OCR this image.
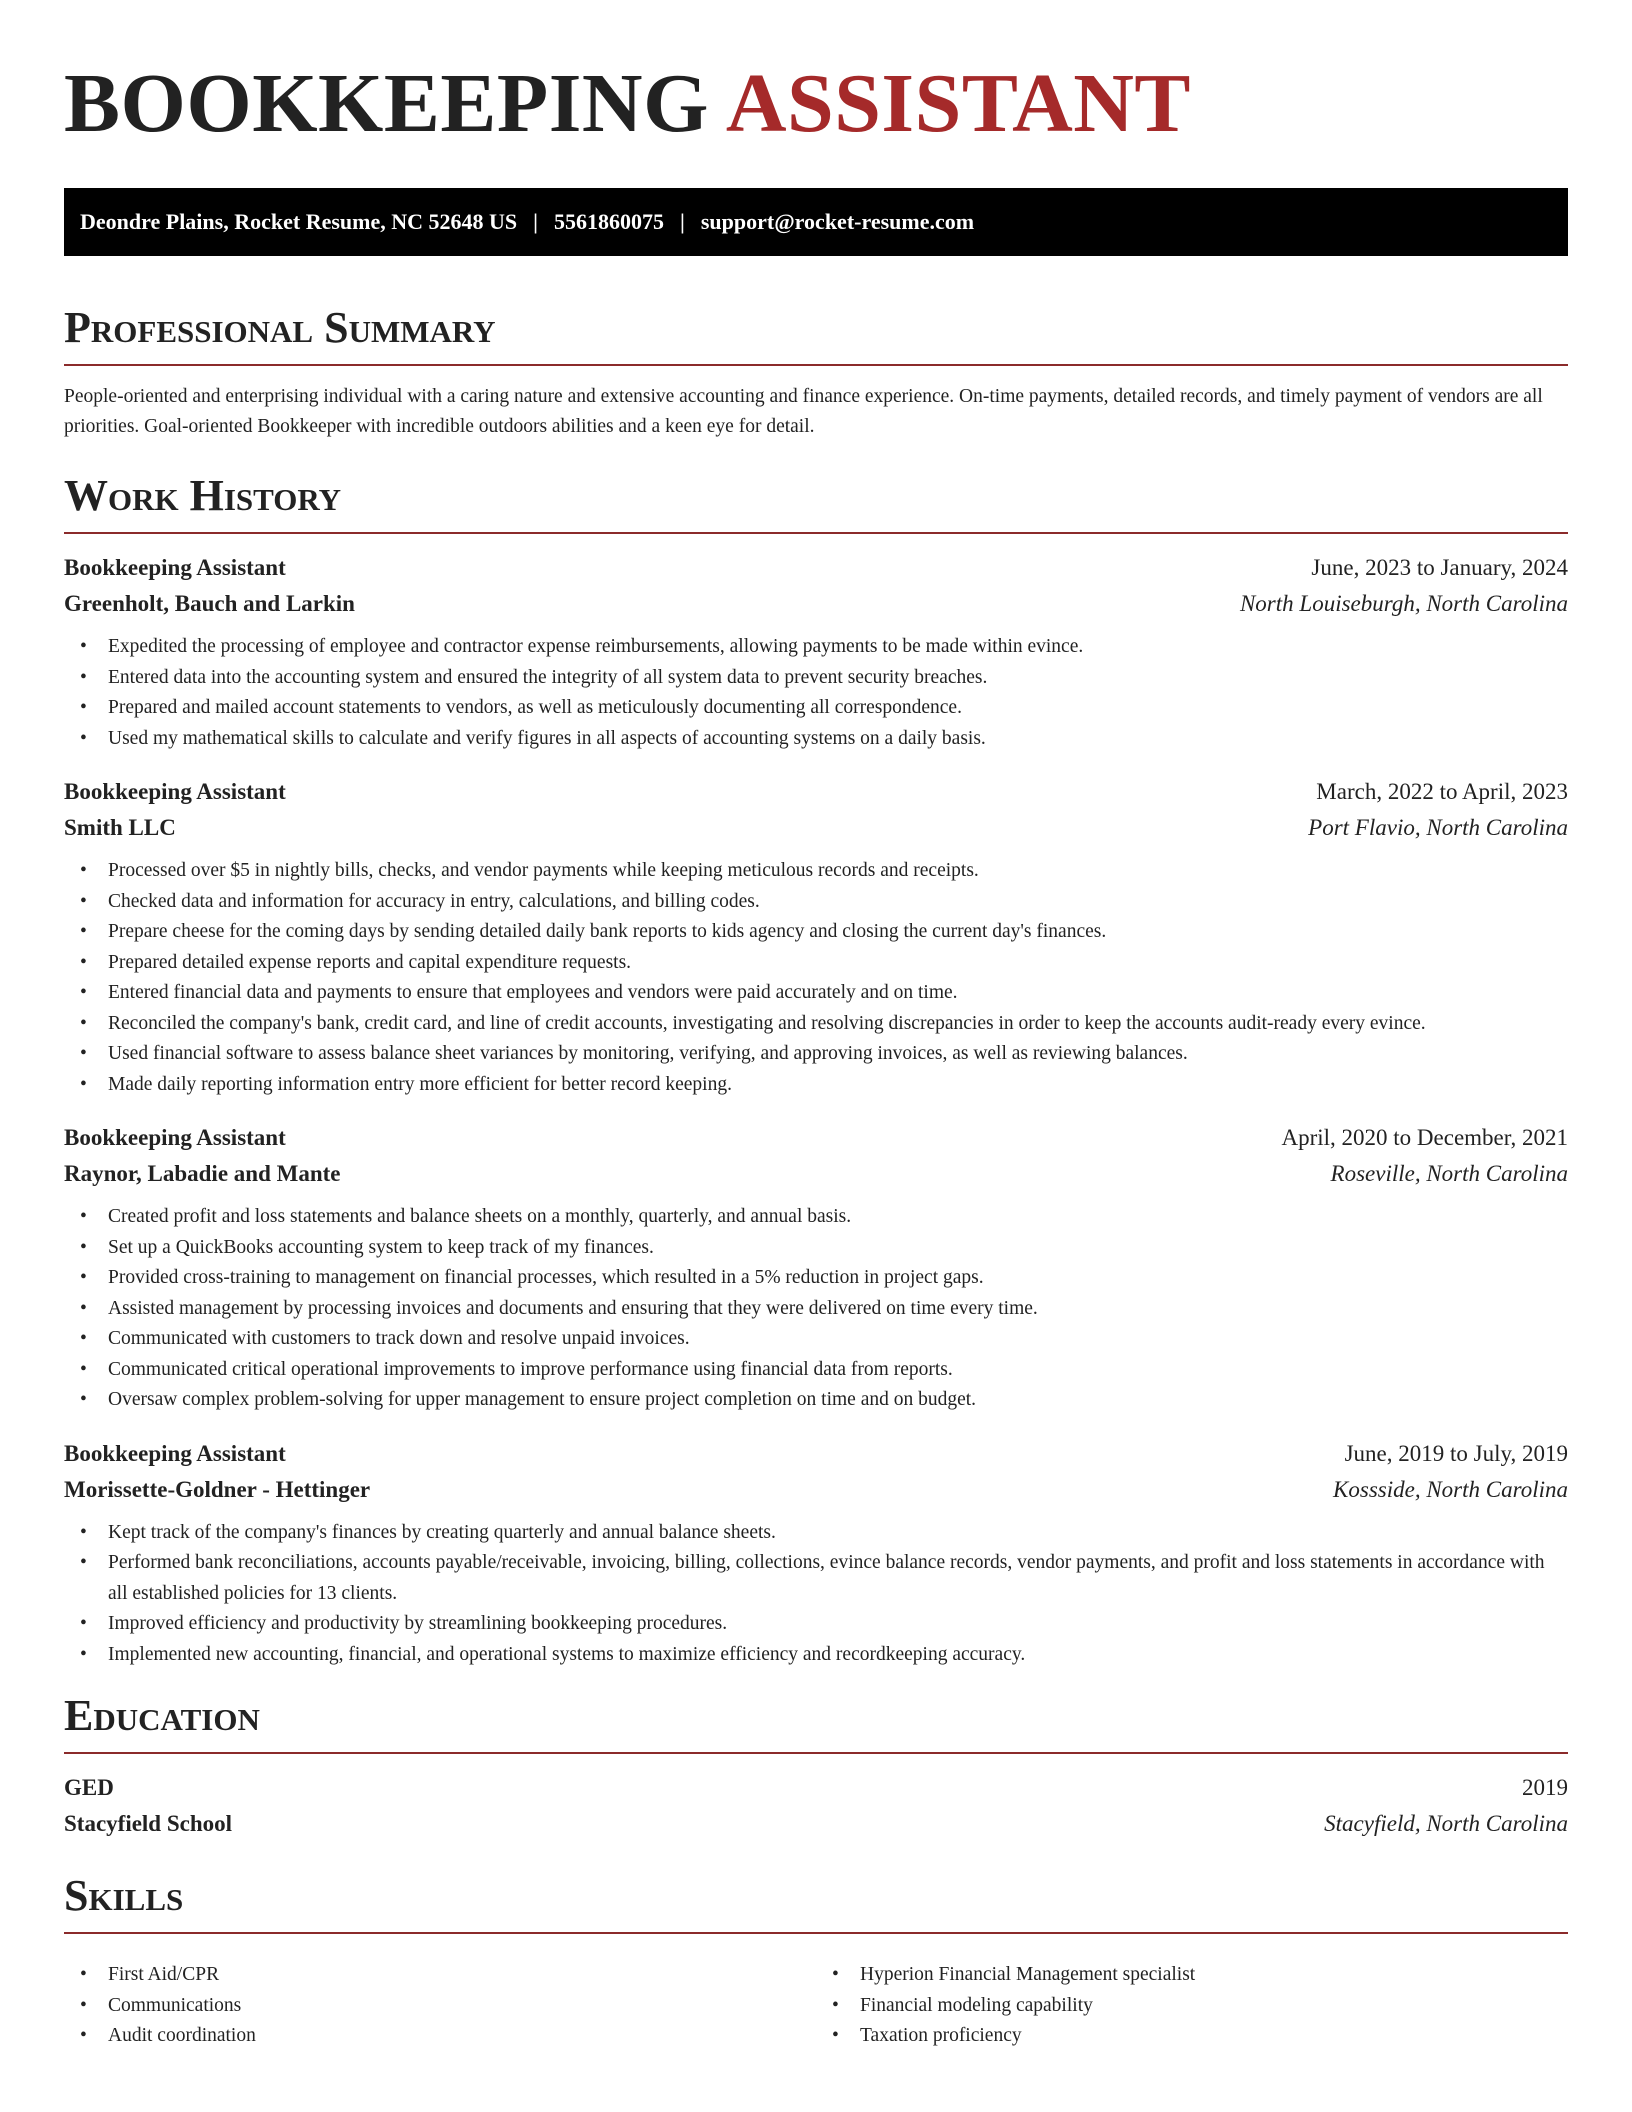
BOOKKEEPING ASSISTANT
Deondre Plains, Rocket Resume, NC 52648 US | 5561860075 | support@rocket-resume.com
Professional Summary

People-oriented and enterprising individual with a caring nature and extensive accounting and finance experience. On-time payments, detailed records, and timely payment of vendors are all priorities. Goal-oriented Bookkeeper with incredible outdoors abilities and a keen eye for detail.

Work History
Bookkeeping Assistant	June, 2023 to January, 2024
Greenholt, Bauch and Larkin	North Louiseburgh, North Carolina
• Expedited the processing of employee and contractor expense reimbursements, allowing payments to be made within evince.
• Entered data into the accounting system and ensured the integrity of all system data to prevent security breaches.
• Prepared and mailed account statements to vendors, as well as meticulously documenting all correspondence.
• Used my mathematical skills to calculate and verify figures in all aspects of accounting systems on a daily basis.
Bookkeeping Assistant	March, 2022 to April, 2023
Smith LLC	Port Flavio, North Carolina
• Processed over $5 in nightly bills, checks, and vendor payments while keeping meticulous records and receipts.
• Checked data and information for accuracy in entry, calculations, and billing codes.
• Prepare cheese for the coming days by sending detailed daily bank reports to kids agency and closing the current day's finances.
• Prepared detailed expense reports and capital expenditure requests.
• Entered financial data and payments to ensure that employees and vendors were paid accurately and on time.
• Reconciled the company's bank, credit card, and line of credit accounts, investigating and resolving discrepancies in order to keep the accounts audit-ready every evince.
• Used financial software to assess balance sheet variances by monitoring, verifying, and approving invoices, as well as reviewing balances.
• Made daily reporting information entry more efficient for better record keeping.
Bookkeeping Assistant	April, 2020 to December, 2021
Raynor, Labadie and Mante	Roseville, North Carolina
• Created profit and loss statements and balance sheets on a monthly, quarterly, and annual basis.
• Set up a QuickBooks accounting system to keep track of my finances.
• Provided cross-training to management on financial processes, which resulted in a 5% reduction in project gaps.
• Assisted management by processing invoices and documents and ensuring that they were delivered on time every time.
• Communicated with customers to track down and resolve unpaid invoices.
• Communicated critical operational improvements to improve performance using financial data from reports.
• Oversaw complex problem-solving for upper management to ensure project completion on time and on budget.
Bookkeeping Assistant	June, 2019 to July, 2019
Morissette-Goldner - Hettinger	Kossside, North Carolina
• Kept track of the company's finances by creating quarterly and annual balance sheets.
• Performed bank reconciliations, accounts payable/receivable, invoicing, billing, collections, evince balance records, vendor payments, and profit and loss statements in accordance with all established policies for 13 clients.
• Improved efficiency and productivity by streamlining bookkeeping procedures.
• Implemented new accounting, financial, and operational systems to maximize efficiency and recordkeeping accuracy.
Education
GED	2019
Stacyfield School	Stacyfield, North Carolina
Skills
• First Aid/CPR
• Communications
• Audit coordination
• Hyperion Financial Management specialist
• Financial modeling capability
• Taxation proficiency
